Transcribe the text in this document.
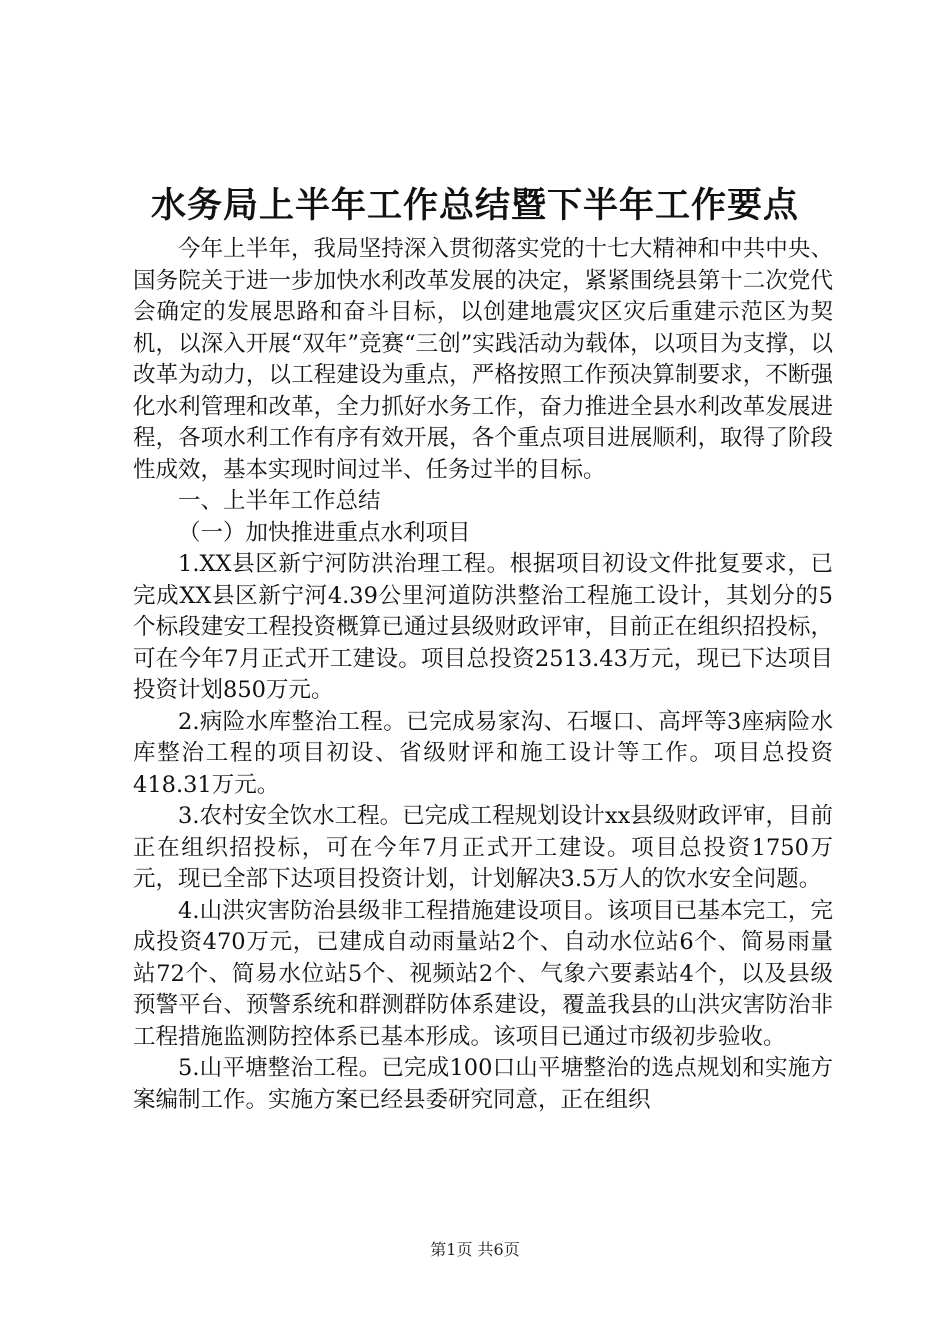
水务局上半年工作总结暨下半年工作要点

今年上半年，我局坚持深入贯彻落实党的十七大精神和中共中央、国务院关于进一步加快水利改革发展的决定，紧紧围绕县第十二次党代会确定的发展思路和奋斗目标，以创建地震灾区灾后重建示范区为契机，以深入开展“双年”竞赛“三创”实践活动为载体，以项目为支撑，以改革为动力，以工程建设为重点，严格按照工作预决算制要求，不断强化水利管理和改革，全力抓好水务工作，奋力推进全县水利改革发展进程，各项水利工作有序有效开展，各个重点项目进展顺利，取得了阶段性成效，基本实现时间过半、任务过半的目标。

一、上半年工作总结

（一）加快推进重点水利项目

1.XX县区新宁河防洪治理工程。根据项目初设文件批复要求，已完成XX县区新宁河4.39公里河道防洪整治工程施工设计，其划分的5个标段建安工程投资概算已通过县级财政评审，目前正在组织招投标，可在今年7月正式开工建设。项目总投资2513.43万元，现已下达项目投资计划850万元。

2.病险水库整治工程。已完成易家沟、石堰口、高坪等3座病险水库整治工程的项目初设、省级财评和施工设计等工作。项目总投资418.31万元。

3.农村安全饮水工程。已完成工程规划设计xx县级财政评审，目前正在组织招投标，可在今年7月正式开工建设。项目总投资1750万元，现已全部下达项目投资计划，计划解决3.5万人的饮水安全问题。

4.山洪灾害防治县级非工程措施建设项目。该项目已基本完工，完成投资470万元，已建成自动雨量站2个、自动水位站6个、简易雨量站72个、简易水位站5个、视频站2个、气象六要素站4个，以及县级预警平台、预警系统和群测群防体系建设，覆盖我县的山洪灾害防治非工程措施监测防控体系已基本形成。该项目已通过市级初步验收。

5.山平塘整治工程。已完成100口山平塘整治的选点规划和实施方案编制工作。实施方案已经县委研究同意，正在组织

第1页 共6页
